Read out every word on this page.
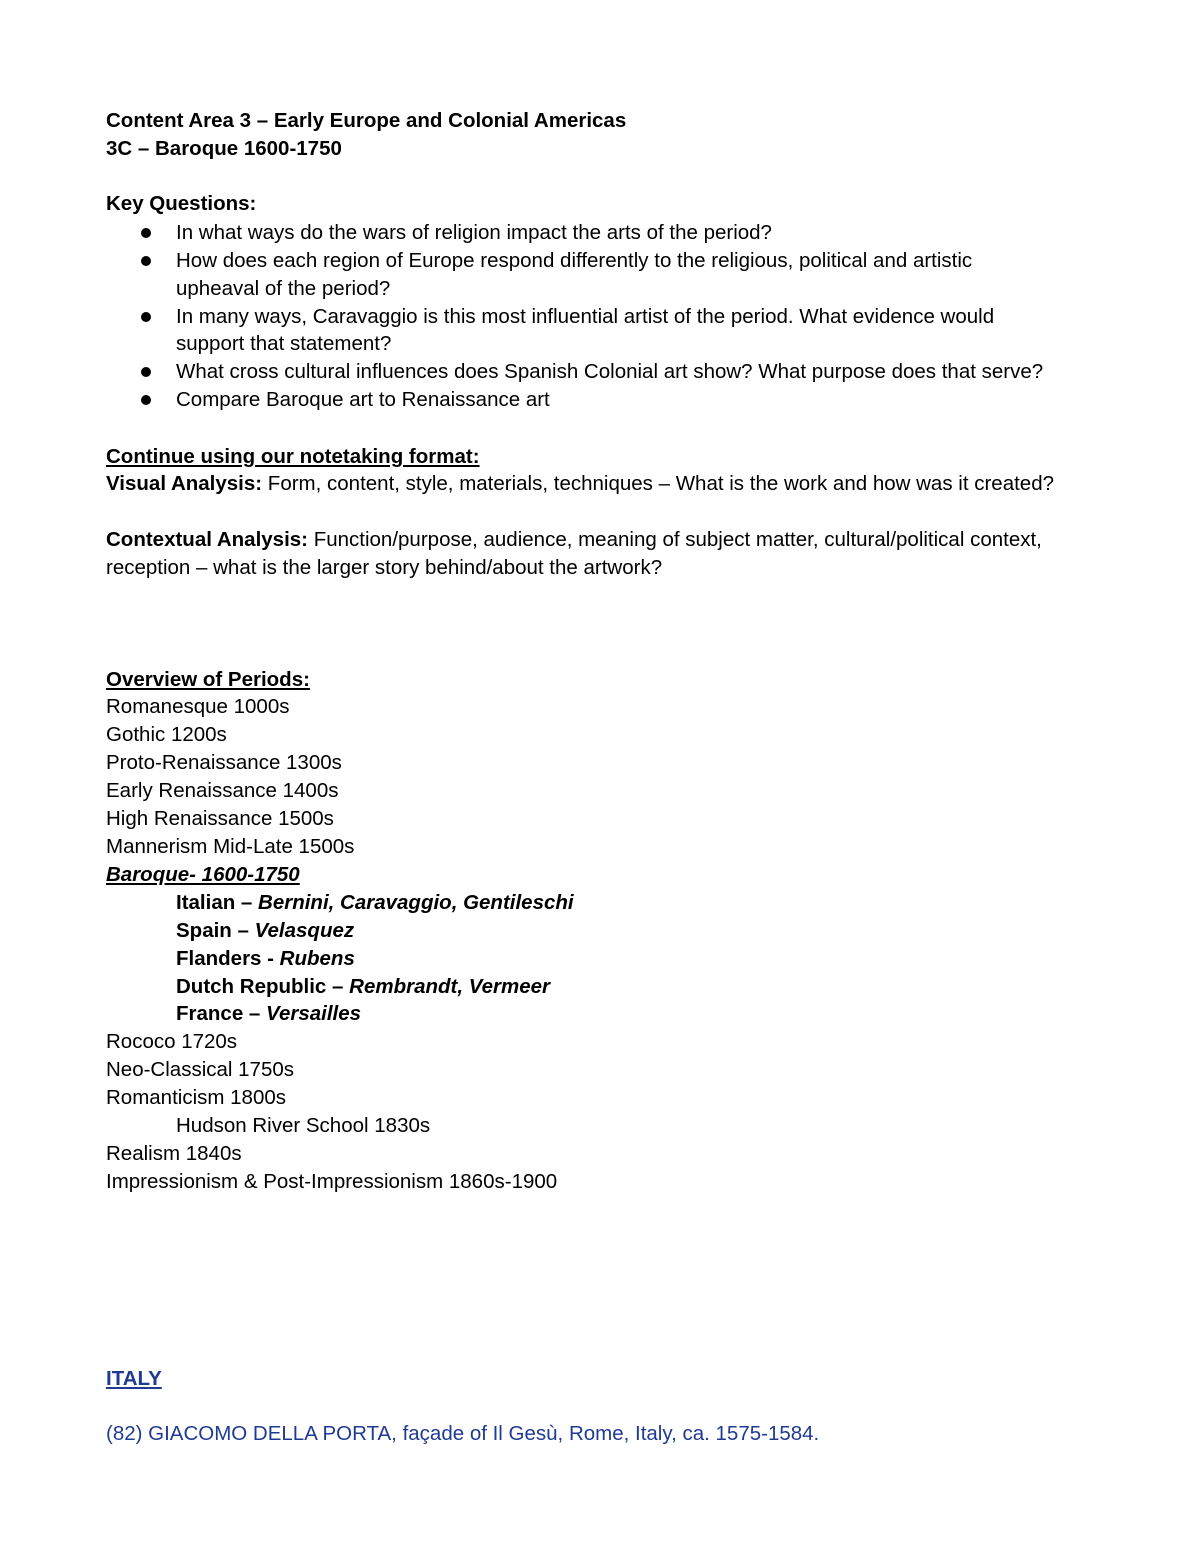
Content Area 3 – Early Europe and Colonial Americas
3C – Baroque 1600-1750
Key Questions:
In what ways do the wars of religion impact the arts of the period?
How does each region of Europe respond differently to the religious, political and artistic
upheaval of the period?
In many ways, Caravaggio is this most influential artist of the period. What evidence would
support that statement?
What cross cultural influences does Spanish Colonial art show? What purpose does that serve?
Compare Baroque art to Renaissance art
Continue using our notetaking format:
Visual Analysis: Form, content, style, materials, techniques – What is the work and how was it created?
Contextual Analysis: Function/purpose, audience, meaning of subject matter, cultural/political context,
reception – what is the larger story behind/about the artwork?
Overview of Periods:
Romanesque 1000s
Gothic 1200s
Proto-Renaissance 1300s
Early Renaissance 1400s
High Renaissance 1500s
Mannerism Mid-Late 1500s
Baroque- 1600-1750
Italian – Bernini, Caravaggio, Gentileschi
Spain – Velasquez
Flanders - Rubens
Dutch Republic – Rembrandt, Vermeer
France – Versailles
Rococo 1720s
Neo-Classical 1750s
Romanticism 1800s
Hudson River School 1830s
Realism 1840s
Impressionism & Post-Impressionism 1860s-1900
ITALY
(82) GIACOMO DELLA PORTA, façade of Il Gesù, Rome, Italy, ca. 1575-1584.
